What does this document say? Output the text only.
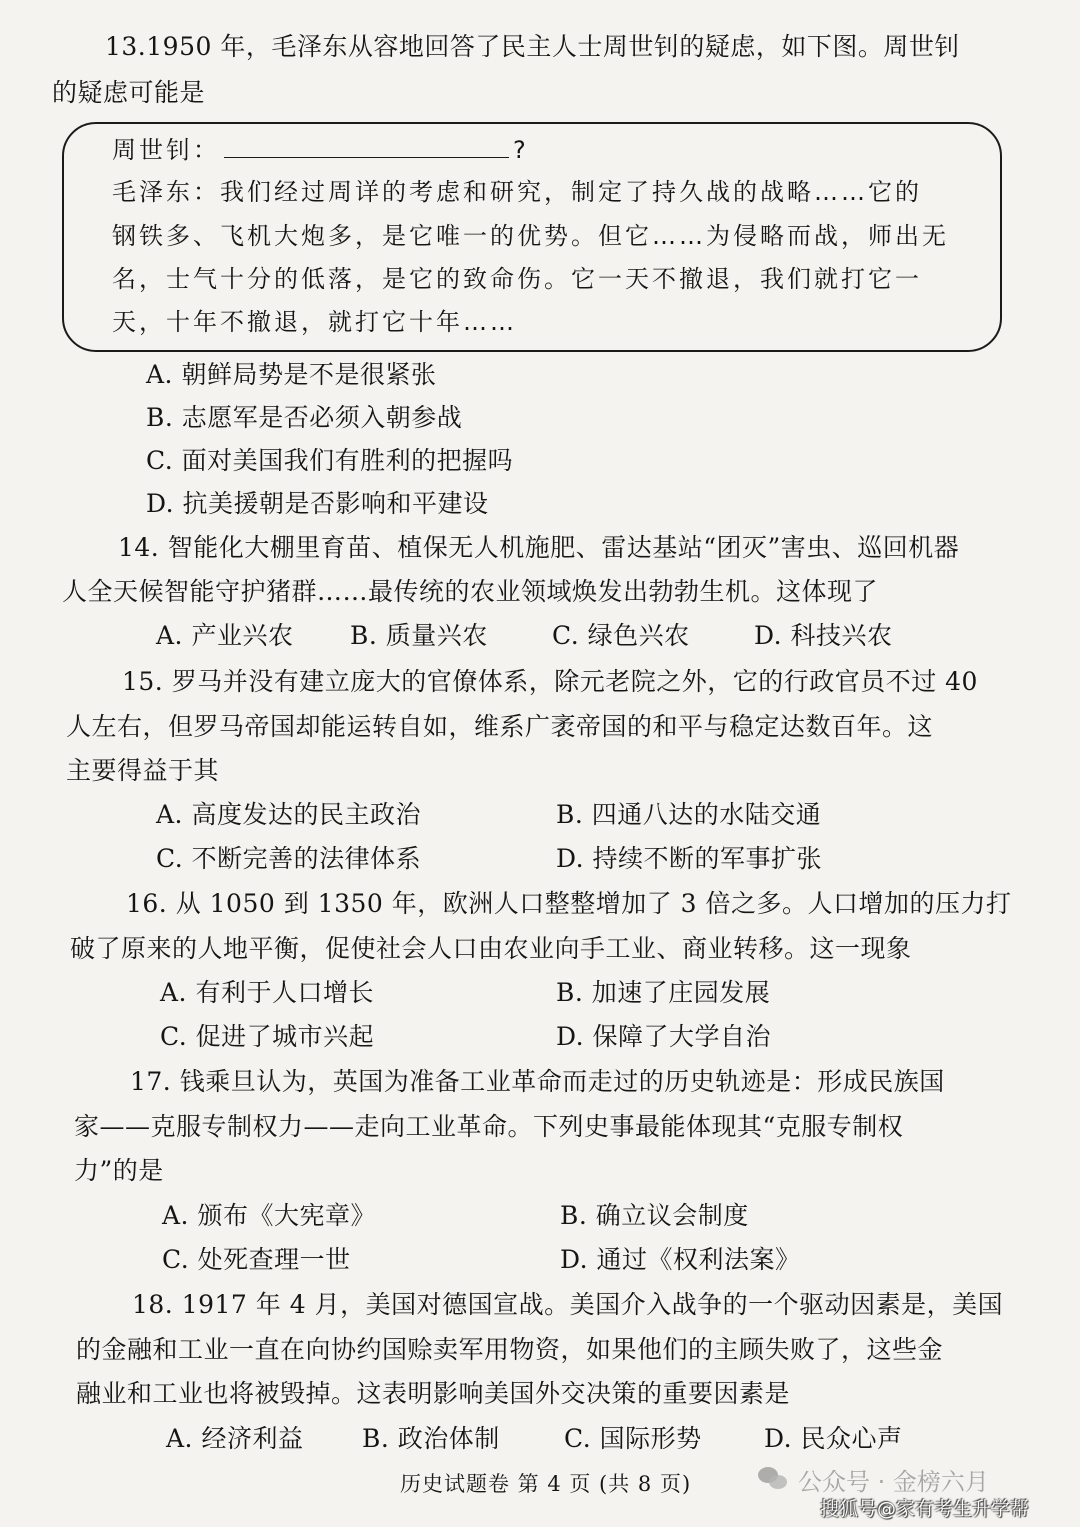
13.1950 年，毛泽东从容地回答了民主人士周世钊的疑虑，如下图。周世钊
的疑虑可能是
周世钊：	?
毛泽东：我们经过周详的考虑和研究，制定了持久战的战略……它的
钢铁多、飞机大炮多，是它唯一的优势。但它……为侵略而战，师出无
名，士气十分的低落，是它的致命伤。它一天不撤退，我们就打它一
天，十年不撤退，就打它十年……
A. 朝鲜局势是不是很紧张
B. 志愿军是否必须入朝参战
C. 面对美国我们有胜利的把握吗
D. 抗美援朝是否影响和平建设
14. 智能化大棚里育苗、植保无人机施肥、雷达基站“团灭”害虫、巡回机器
人全天候智能守护猪群……最传统的农业领域焕发出勃勃生机。这体现了
A. 产业兴农 B. 质量兴农	C. 绿色兴农	D. 科技兴农
15. 罗马并没有建立庞大的官僚体系，除元老院之外，它的行政官员不过 40
人左右，但罗马帝国却能运转自如，维系广袤帝国的和平与稳定达数百年。这
主要得益于其
A. 高度发达的民主政治	B. 四通八达的水陆交通
C. 不断完善的法律体系	D. 持续不断的军事扩张
16. 从 1050 到 1350 年，欧洲人口整整增加了 3 倍之多。人口增加的压力打
破了原来的人地平衡，促使社会人口由农业向手工业、商业转移。这一现象
A. 有利于人口增长	B. 加速了庄园发展
C. 促进了城市兴起	D. 保障了大学自治
17. 钱乘旦认为，英国为准备工业革命而走过的历史轨迹是：形成民族国
家——克服专制权力——走向工业革命。下列史事最能体现其“克服专制权
力”的是
A. 颁布《大宪章》	B. 确立议会制度
C. 处死查理一世	D. 通过《权利法案》
18. 1917 年 4 月，美国对德国宣战。美国介入战争的一个驱动因素是，美国
的金融和工业一直在向协约国赊卖军用物资，如果他们的主顾失败了，这些金
融业和工业也将被毁掉。这表明影响美国外交决策的重要因素是
A. 经济利益 B. 政治体制	C. 国际形势 D. 民众心声
历史试题卷 第 4 页 (共 8 页)	公众号 · 金榜六月
搜狐号@家有考生升学帮
